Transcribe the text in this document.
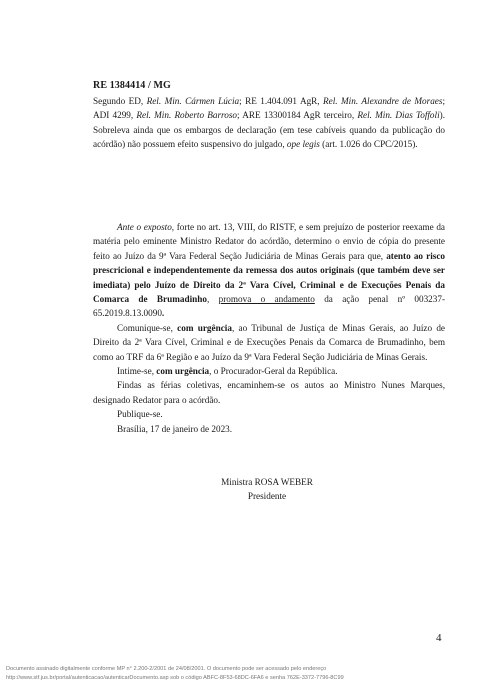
RE 1384414 / MG

Segundo ED, Rel. Min. Cármen Lúcia; RE 1.404.091 AgR, Rel. Min. Alexandre de Moraes; ADI 4299, Rel. Min. Roberto Barroso; ARE 13300184 AgR terceiro, Rel. Min. Dias Toffoli). Sobreleva ainda que os embargos de declaração (em tese cabíveis quando da publicação do acórdão) não possuem efeito suspensivo do julgado, ope legis (art. 1.026 do CPC/2015).

Ante o exposto, forte no art. 13, VIII, do RISTF, e sem prejuízo de posterior reexame da matéria pelo eminente Ministro Redator do acórdão, determino o envio de cópia do presente feito ao Juízo da 9ª Vara Federal Seção Judiciária de Minas Gerais para que, atento ao risco prescricional e independentemente da remessa dos autos originais (que também deve ser imediata) pelo Juízo de Direito da 2ª Vara Cível, Criminal e de Execuções Penais da Comarca de Brumadinho, promova o andamento da ação penal nº 003237-65.2019.8.13.0090.

Comunique-se, com urgência, ao Tribunal de Justiça de Minas Gerais, ao Juízo de Direito da 2ª Vara Cível, Criminal e de Execuções Penais da Comarca de Brumadinho, bem como ao TRF da 6ª Região e ao Juízo da 9ª Vara Federal Seção Judiciária de Minas Gerais.

Intime-se, com urgência, o Procurador-Geral da República.

Findas as férias coletivas, encaminhem-se os autos ao Ministro Nunes Marques, designado Redator para o acórdão.

Publique-se.

Brasília, 17 de janeiro de 2023.

Ministra ROSA WEBER
Presidente
4
Documento assinado digitalmente conforme MP n° 2.200-2/2001 de 24/08/2001. O documento pode ser acessado pelo endereço
http://www.stf.jus.br/portal/autenticacao/autenticarDocumento.asp sob o código ABFC-8F53-68DC-6FA6 e senha 762E-3372-7796-8C99
